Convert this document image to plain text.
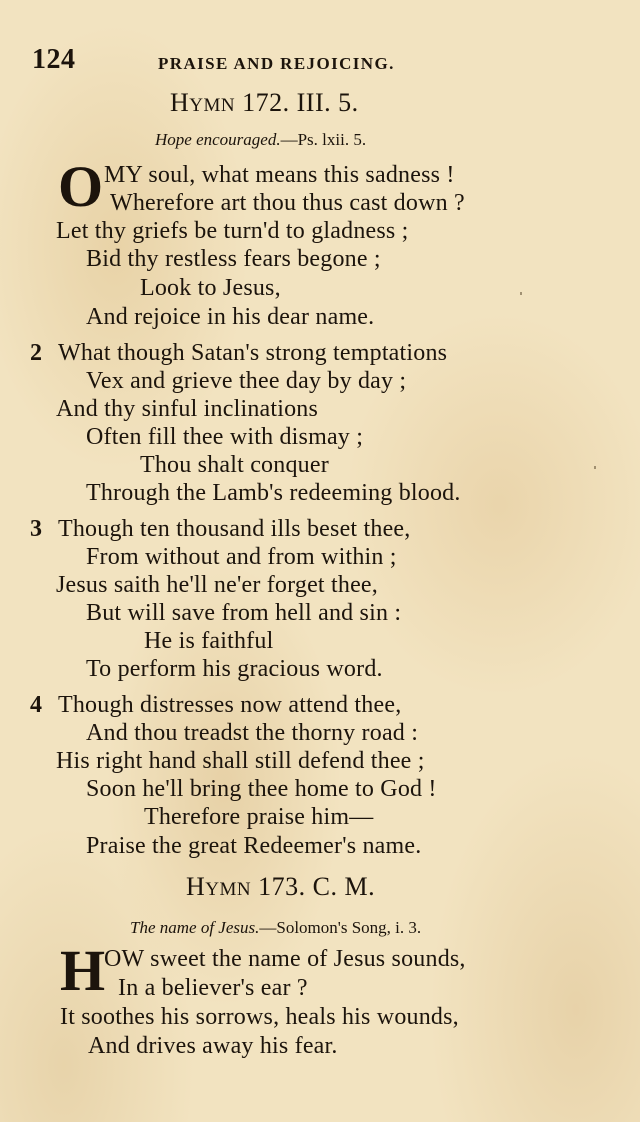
124	PRAISE AND REJOICING.
HYMN 172. III. 5.
Hope encouraged.—Ps. lxii. 5.
O MY soul, what means this sadness !
Wherefore art thou thus cast down ?
Let thy griefs be turn'd to gladness ;
Bid thy restless fears begone ;
Look to Jesus,
And rejoice in his dear name.
2 What though Satan's strong temptations
Vex and grieve thee day by day ;
And thy sinful inclinations
Often fill thee with dismay ;
Thou shalt conquer
Through the Lamb's redeeming blood.
3 Though ten thousand ills beset thee,
From without and from within ;
Jesus saith he'll ne'er forget thee,
But will save from hell and sin :
He is faithful
To perform his gracious word.
4 Though distresses now attend thee,
And thou treadst the thorny road :
His right hand shall still defend thee ;
Soon he'll bring thee home to God !
Therefore praise him—
Praise the great Redeemer's name.
HYMN 173. C. M.
The name of Jesus.—Solomon's Song, i. 3.
H
OW sweet the name of Jesus sounds,
In a believer's ear ?
It soothes his sorrows, heals his wounds,
And drives away his fear.
